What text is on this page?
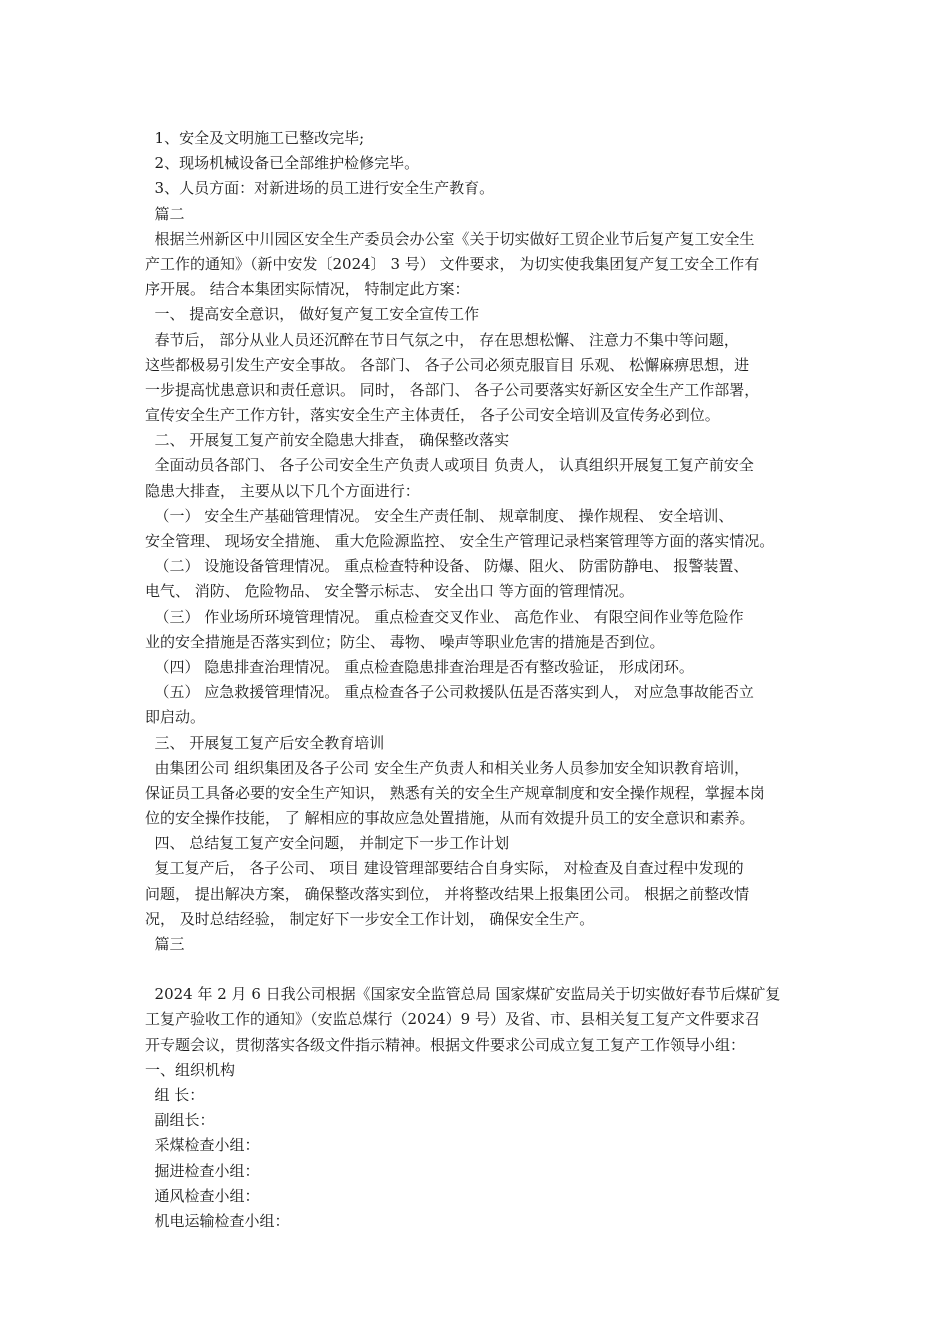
1、安全及文明施工已整改完毕;
2、现场机械设备已全部维护检修完毕。
3、人员方面：对新进场的员工进行安全生产教育。
篇二
根据兰州新区中川园区安全生产委员会办公室《关于切实做好工贸企业节后复产复工安全生
产工作的通知》（新中安发〔2024〕 3 号） 文件要求， 为切实使我集团复产复工安全工作有
序开展。 结合本集团实际情况， 特制定此方案：
一、 提高安全意识， 做好复产复工安全宣传工作
春节后， 部分从业人员还沉醉在节日气氛之中， 存在思想松懈、 注意力不集中等问题，
这些都极易引发生产安全事故。 各部门、 各子公司必须克服盲目 乐观、 松懈麻痹思想，进
一步提高忧患意识和责任意识。 同时， 各部门、 各子公司要落实好新区安全生产工作部署，
宣传安全生产工作方针，落实安全生产主体责任， 各子公司安全培训及宣传务必到位。
二、 开展复工复产前安全隐患大排查， 确保整改落实
全面动员各部门、 各子公司安全生产负责人或项目 负责人， 认真组织开展复工复产前安全
隐患大排查， 主要从以下几个方面进行：
（一） 安全生产基础管理情况。 安全生产责任制、 规章制度、 操作规程、 安全培训、
安全管理、 现场安全措施、 重大危险源监控、 安全生产管理记录档案管理等方面的落实情况。
（二） 设施设备管理情况。 重点检查特种设备、 防爆、阻火、 防雷防静电、 报警装置、
电气、 消防、 危险物品、 安全警示标志、 安全出口 等方面的管理情况。
（三） 作业场所环境管理情况。 重点检查交叉作业、 高危作业、 有限空间作业等危险作
业的安全措施是否落实到位；防尘、 毒物、 噪声等职业危害的措施是否到位。
（四） 隐患排查治理情况。 重点检查隐患排查治理是否有整改验证， 形成闭环。
（五） 应急救援管理情况。 重点检查各子公司救援队伍是否落实到人， 对应急事故能否立
即启动。
三、 开展复工复产后安全教育培训
由集团公司 组织集团及各子公司 安全生产负责人和相关业务人员参加安全知识教育培训，
保证员工具备必要的安全生产知识， 熟悉有关的安全生产规章制度和安全操作规程，掌握本岗
位的安全操作技能， 了 解相应的事故应急处置措施，从而有效提升员工的安全意识和素养。
四、 总结复工复产安全问题， 并制定下一步工作计划
复工复产后， 各子公司、 项目 建设管理部要结合自身实际， 对检查及自查过程中发现的
问题， 提出解决方案， 确保整改落实到位， 并将整改结果上报集团公司。 根据之前整改情
况， 及时总结经验， 制定好下一步安全工作计划， 确保安全生产。
篇三
2024 年 2 月 6 日我公司根据《国家安全监管总局 国家煤矿安监局关于切实做好春节后煤矿复
工复产验收工作的通知》（安监总煤行（2024）9 号）及省、市、县相关复工复产文件要求召
开专题会议，贯彻落实各级文件指示精神。根据文件要求公司成立复工复产工作领导小组：
一、组织机构
组 长：
副组长：
采煤检查小组：
掘进检查小组：
通风检查小组：
机电运输检查小组：
